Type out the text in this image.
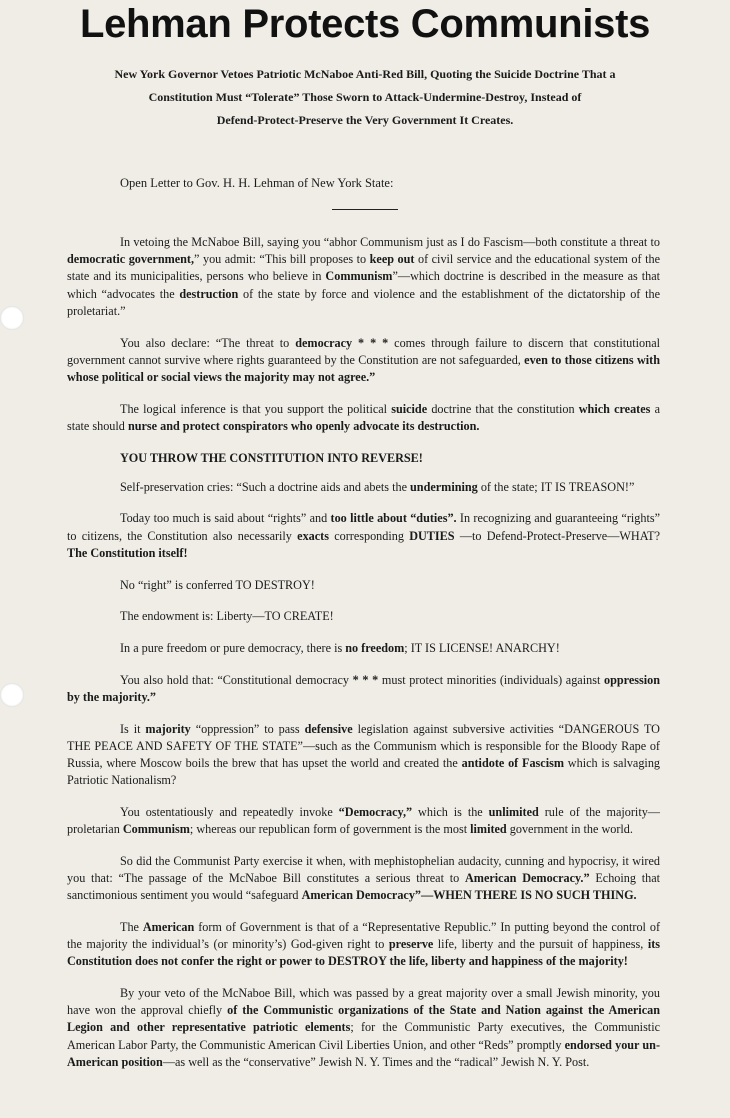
Lehman Protects Communists
New York Governor Vetoes Patriotic McNaboe Anti-Red Bill, Quoting the Suicide Doctrine That a
Constitution Must “Tolerate” Those Sworn to Attack-Undermine-Destroy, Instead of
Defend-Protect-Preserve the Very Government It Creates.
Open Letter to Gov. H. H. Lehman of New York State:

In vetoing the McNaboe Bill, saying you “abhor Communism just as I do Fascism—both constitute a threat to democratic government,” you admit: “This bill proposes to keep out of civil service and the educational system of the state and its municipalities, persons who believe in Communism”—which doctrine is described in the measure as that which “advocates the destruction of the state by force and violence and the establishment of the dictatorship of the proletariat.”

You also declare: “The threat to democracy * * * comes through failure to discern that constitutional government cannot survive where rights guaranteed by the Constitution are not safeguarded, even to those citizens with whose political or social views the majority may not agree.”

The logical inference is that you support the political suicide doctrine that the constitution which creates a state should nurse and protect conspirators who openly advocate its destruction.

YOU THROW THE CONSTITUTION INTO REVERSE!

Self-preservation cries: “Such a doctrine aids and abets the undermining of the state; IT IS TREASON!”

Today too much is said about “rights” and too little about “duties”. In recognizing and guaranteeing “rights” to citizens, the Constitution also necessarily exacts corresponding DUTIES —to Defend-Protect-Preserve—WHAT? The Constitution itself!

No “right” is conferred TO DESTROY!

The endowment is: Liberty—TO CREATE!

In a pure freedom or pure democracy, there is no freedom; IT IS LICENSE! ANARCHY!

You also hold that: “Constitutional democracy * * * must protect minorities (individuals) against oppression by the majority.”

Is it majority “oppression” to pass defensive legislation against subversive activities “DANGEROUS TO THE PEACE AND SAFETY OF THE STATE”—such as the Communism which is responsible for the Bloody Rape of Russia, where Moscow boils the brew that has upset the world and created the antidote of Fascism which is salvaging Patriotic Nationalism?

You ostentatiously and repeatedly invoke “Democracy,” which is the unlimited rule of the majority—proletarian Communism; whereas our republican form of government is the most limited government in the world.

So did the Communist Party exercise it when, with mephistophelian audacity, cunning and hypocrisy, it wired you that: “The passage of the McNaboe Bill constitutes a serious threat to American Democracy.” Echoing that sanctimonious sentiment you would “safeguard American Democracy”—WHEN THERE IS NO SUCH THING.

The American form of Government is that of a “Representative Republic.” In putting beyond the control of the majority the individual’s (or minority’s) God-given right to preserve life, liberty and the pursuit of happiness, its Constitution does not confer the right or power to DESTROY the life, liberty and happiness of the majority!

By your veto of the McNaboe Bill, which was passed by a great majority over a small Jewish minority, you have won the approval chiefly of the Communistic organizations of the State and Nation against the American Legion and other representative patriotic elements; for the Communistic Party executives, the Communistic American Labor Party, the Communistic American Civil Liberties Union, and other “Reds” promptly endorsed your un-American position—as well as the “conservative” Jewish N. Y. Times and the “radical” Jewish N. Y. Post.
